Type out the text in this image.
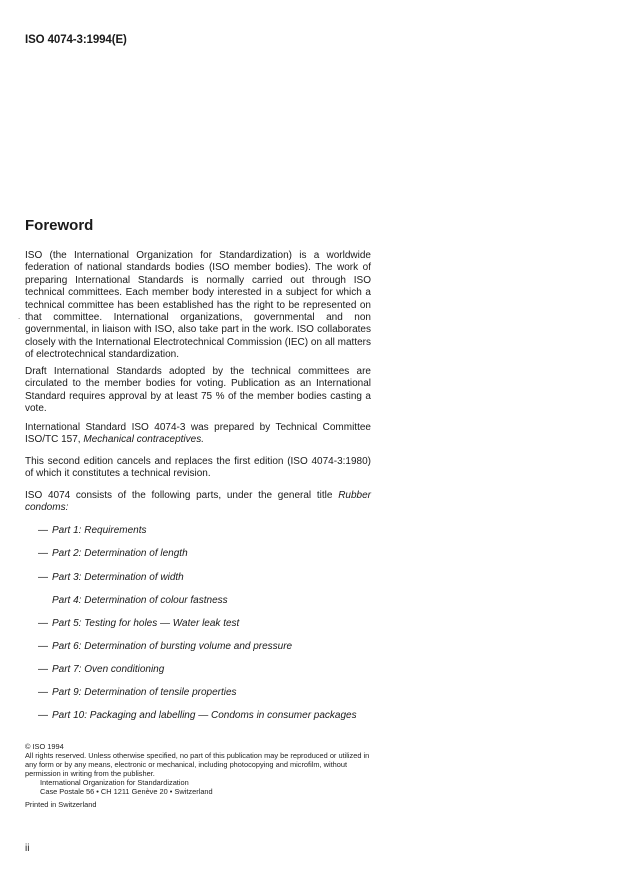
ISO 4074-3:1994(E)
Foreword
.
ISO (the International Organization for Standardization) is a worldwide federation of national standards bodies (ISO member bodies). The work of preparing International Standards is normally carried out through ISO technical committees. Each member body interested in a subject for which a technical committee has been established has the right to be represented on that committee. International organizations, governmental and non governmental, in liaison with ISO, also take part in the work. ISO collaborates closely with the International Electrotechnical Commission (IEC) on all matters of electrotechnical standardization.
Draft International Standards adopted by the technical committees are circulated to the member bodies for voting. Publication as an International Standard requires approval by at least 75 % of the member bodies casting a vote.
International Standard ISO 4074-3 was prepared by Technical Committee ISO/TC 157, Mechanical contraceptives.
This second edition cancels and replaces the first edition (ISO 4074-3:1980) of which it constitutes a technical revision.
ISO 4074 consists of the following parts, under the general title Rubber condoms:
— Part 1: Requirements
— Part 2: Determination of length
— Part 3: Determination of width
Part 4: Determination of colour fastness
— Part 5: Testing for holes — Water leak test
— Part 6: Determination of bursting volume and pressure
— Part 7: Oven conditioning
— Part 9: Determination of tensile properties
— Part 10: Packaging and labelling — Condoms in consumer packages
© ISO 1994
All rights reserved. Unless otherwise specified, no part of this publication may be reproduced or utilized in any form or by any means, electronic or mechanical, including photocopying and microfilm, without permission in writing from the publisher.
International Organization for Standardization
Case Postale 56 • CH 1211 Genève 20 • Switzerland
Printed in Switzerland
ii
